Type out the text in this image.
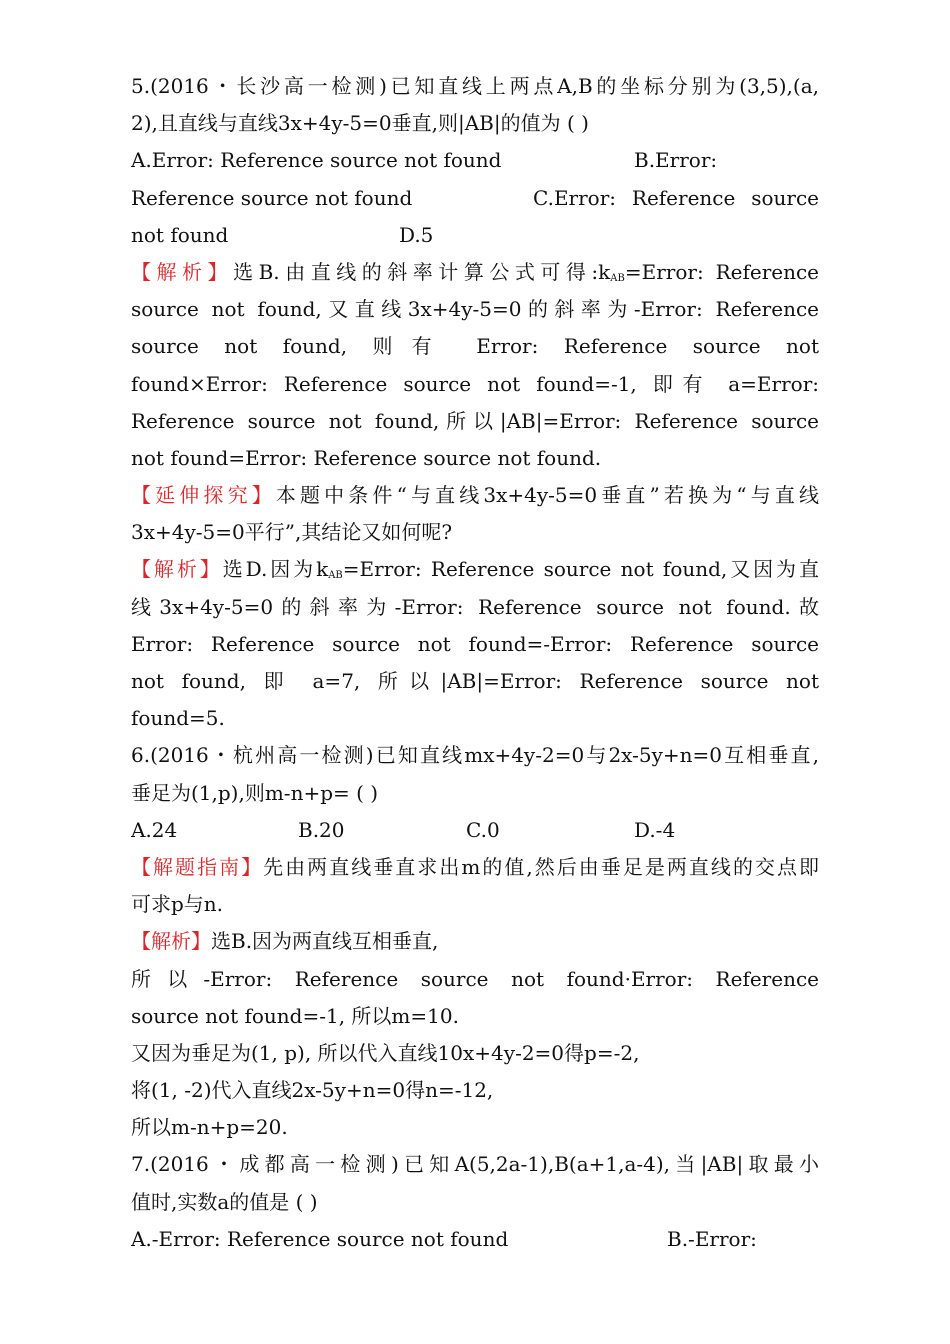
5.(2016・长沙高一检测)已知直线上两点A,B的坐标分别为(3,5),(a,
2),且直线与直线3x+4y-5=0垂直,则|AB|的值为 ( )
A.Error: Reference source not found	B.Error:
Reference source not found	C.Error: Reference source
not found	D.5
【解析】选B.由直线的斜率计算公式可得$:k_{AB}=Error$: Reference
source not found,又直线3x+4y-5=0的斜率为-Error: Reference
source not found, 则有 Error: Reference source not
found×Error: Reference source not found=-1, 即有 a=Error:
Reference source not found,所以|AB|=Error: Reference source
not found=Error: Reference source not found.
【延伸探究】本题中条件“与直线3x+4y-5=0垂直”若换为“与直线
3x+4y-5=0平行”,其结论又如何呢?
【解析】选D.因为$k_{AB}=Error$: Reference source not found,又因为直
线3x+4y-5=0的斜率为-Error: Reference source not found.故
Error: Reference source not found=-Error: Reference source
not found, 即 a=7, 所以|AB|=Error: Reference source not
found=5.
6.(2016・杭州高一检测)已知直线mx+4y-2=0与2x-5y+n=0互相垂直,
垂足为(1,p),则m-n+p= ( )
A.24	B.20	C.0	D.-4
【解题指南】先由两直线垂直求出m的值,然后由垂足是两直线的交点即
可求p与n.
【解析】选B.因为两直线互相垂直,
所以-Error: Reference source not found·Error: Reference
source not found=-1, 所以m=10.
又因为垂足为(1, p), 所以代入直线10x+4y-2=0得p=-2,
将(1, -2)代入直线2x-5y+n=0得n=-12,
所以m-n+p=20.
7.(2016・成都高一检测)已知A(5,2a-1),B(a+1,a-4),当|AB|取最小
值时,实数a的值是 ( )
A.-Error: Reference source not found	B.-Error:
